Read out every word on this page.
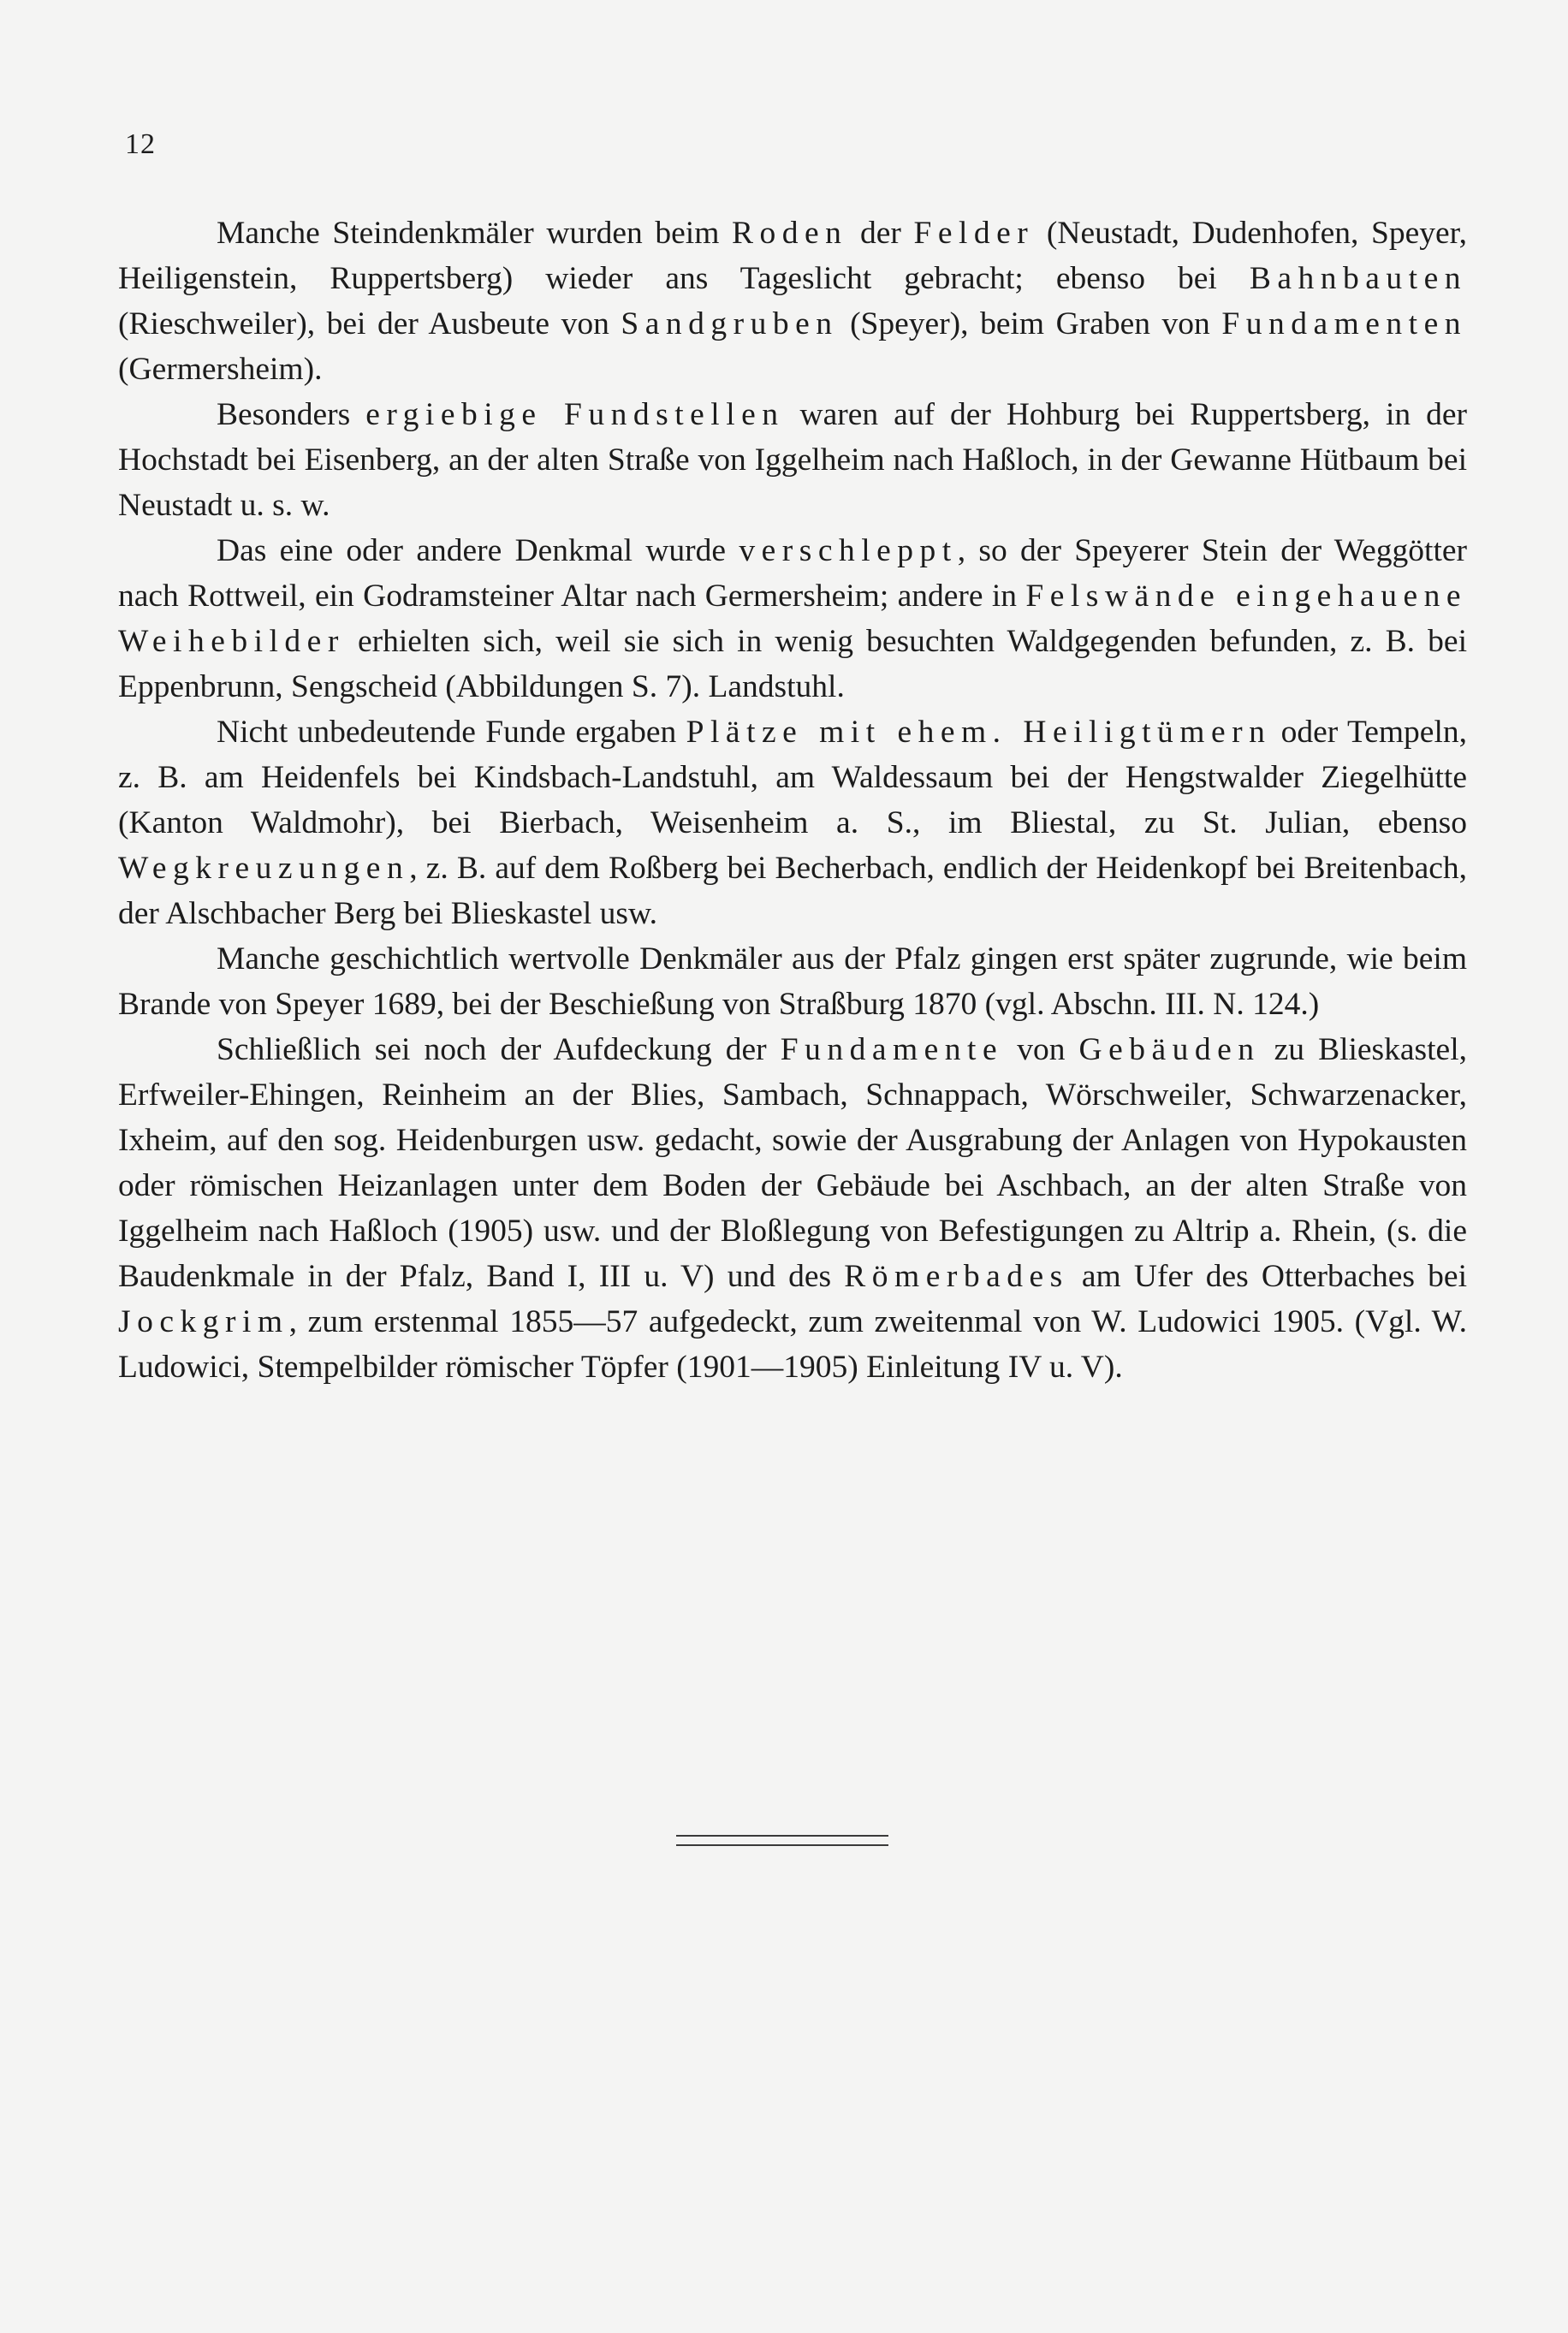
12

Manche Steindenkmäler wurden beim Roden der Felder (Neustadt, Dudenhofen, Speyer, Heiligenstein, Ruppertsberg) wieder ans Tageslicht gebracht; ebenso bei Bahnbauten (Rieschweiler), bei der Ausbeute von Sandgruben (Speyer), beim Graben von Fundamenten (Germersheim).

Besonders ergiebige Fundstellen waren auf der Hohburg bei Ruppertsberg, in der Hochstadt bei Eisenberg, an der alten Straße von Iggelheim nach Haßloch, in der Gewanne Hütbaum bei Neustadt u. s. w.

Das eine oder andere Denkmal wurde verschleppt, so der Speyerer Stein der Weggötter nach Rottweil, ein Godramsteiner Altar nach Germersheim; andere in Felswände eingehauene Weihebilder erhielten sich, weil sie sich in wenig besuchten Waldgegenden befunden, z. B. bei Eppenbrunn, Sengscheid (Abbildungen S. 7). Landstuhl.

Nicht unbedeutende Funde ergaben Plätze mit ehem. Heiligtümern oder Tempeln, z. B. am Heidenfels bei Kindsbach-Landstuhl, am Waldessaum bei der Hengstwalder Ziegelhütte (Kanton Waldmohr), bei Bierbach, Weisenheim a. S., im Bliestal, zu St. Julian, ebenso Wegkreuzungen, z. B. auf dem Roßberg bei Becherbach, endlich der Heidenkopf bei Breitenbach, der Alschbacher Berg bei Blieskastel usw.

Manche geschichtlich wertvolle Denkmäler aus der Pfalz gingen erst später zugrunde, wie beim Brande von Speyer 1689, bei der Beschießung von Straßburg 1870 (vgl. Abschn. III. N. 124.)

Schließlich sei noch der Aufdeckung der Fundamente von Gebäuden zu Blieskastel, Erfweiler-Ehingen, Reinheim an der Blies, Sambach, Schnappach, Wörschweiler, Schwarzenacker, Ixheim, auf den sog. Heidenburgen usw. gedacht, sowie der Ausgrabung der Anlagen von Hypokausten oder römischen Heizanlagen unter dem Boden der Gebäude bei Aschbach, an der alten Straße von Iggelheim nach Haßloch (1905) usw. und der Bloßlegung von Befestigungen zu Altrip a. Rhein, (s. die Baudenkmale in der Pfalz, Band I, III u. V) und des Römerbades am Ufer des Otterbaches bei Jockgrim, zum erstenmal 1855—57 aufgedeckt, zum zweitenmal von W. Ludowici 1905. (Vgl. W. Ludowici, Stempelbilder römischer Töpfer (1901—1905) Einleitung IV u. V).
